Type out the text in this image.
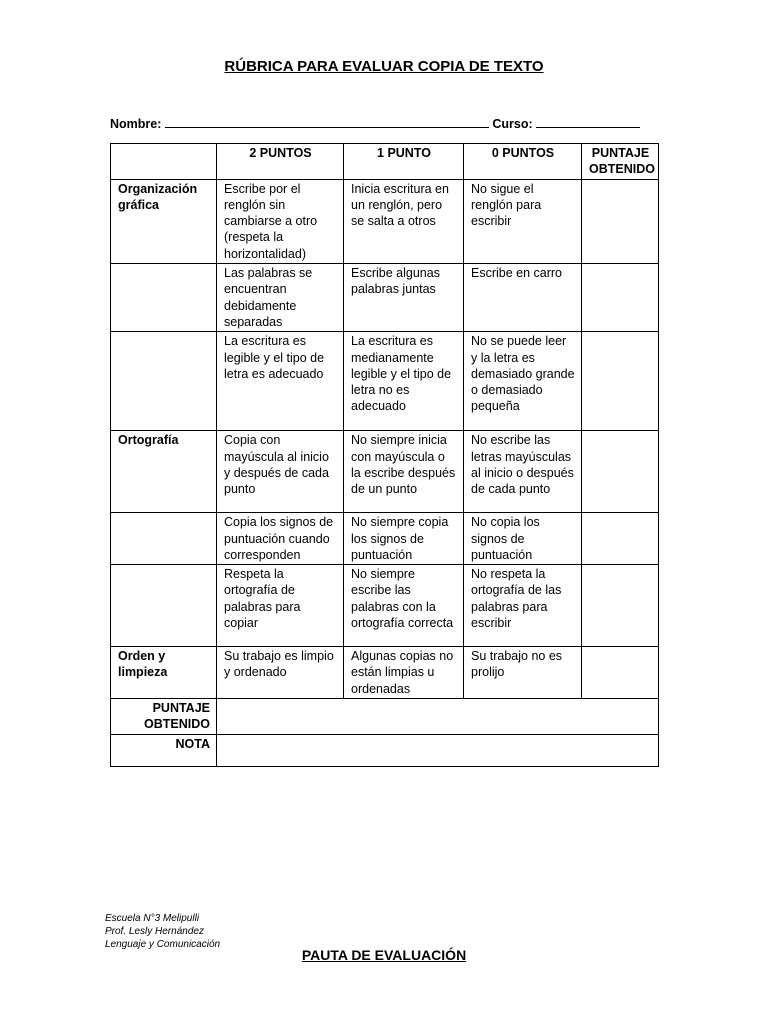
RÚBRICA PARA EVALUAR COPIA DE TEXTO
Nombre:	Curso:
	2 PUNTOS	1 PUNTO	0 PUNTOS	PUNTAJE OBTENIDO
Organización gráfica	Escribe por el renglón sin cambiarse a otro (respeta la horizontalidad)	Inicia escritura en un renglón, pero se salta a otros	No sigue el renglón para escribir	
	Las palabras se encuentran debidamente separadas	Escribe algunas palabras juntas	Escribe en carro	
	La escritura es legible y el tipo de letra es adecuado	La escritura es medianamente legible y el tipo de letra no es adecuado	No se puede leer y la letra es demasiado grande o demasiado pequeña	
Ortografía	Copia con mayúscula al inicio y después de cada punto	No siempre inicia con mayúscula o la escribe después de un punto	No escribe las letras mayúsculas al inicio o después de cada punto	
	Copia los signos de puntuación cuando corresponden	No siempre copia los signos de puntuación	No copia los signos de puntuación	
	Respeta la ortografía de palabras para copiar	No siempre escribe las palabras con la ortografía correcta	No respeta la ortografía de las palabras para escribir	
Orden y limpieza	Su trabajo es limpio y ordenado	Algunas copias no están limpias u ordenadas	Su trabajo no es prolijo	
PUNTAJE OBTENIDO				
NOTA				
Escuela N°3 Melipulli
Prof. Lesly Hernández
Lenguaje y Comunicación
PAUTA DE EVALUACIÓN
